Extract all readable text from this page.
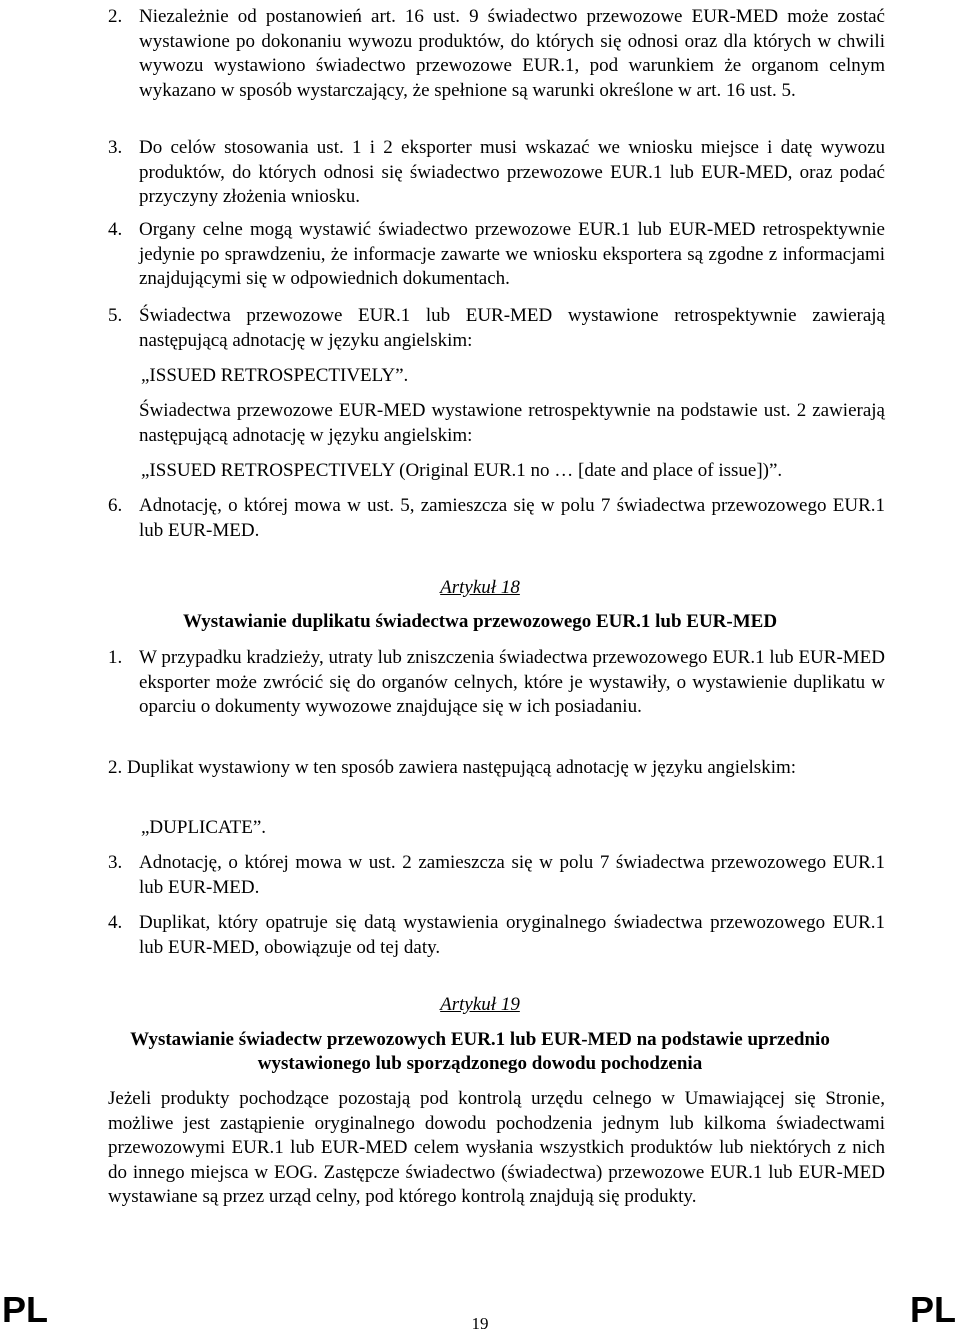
2. Niezależnie od postanowień art. 16 ust. 9 świadectwo przewozowe EUR-MED może zostać wystawione po dokonaniu wywozu produktów, do których się odnosi oraz dla których w chwili wywozu wystawiono świadectwo przewozowe EUR.1, pod warunkiem że organom celnym wykazano w sposób wystarczający, że spełnione są warunki określone w art. 16 ust. 5.
3. Do celów stosowania ust. 1 i 2 eksporter musi wskazać we wniosku miejsce i datę wywozu produktów, do których odnosi się świadectwo przewozowe EUR.1 lub EUR-MED, oraz podać przyczyny złożenia wniosku.
4. Organy celne mogą wystawić świadectwo przewozowe EUR.1 lub EUR-MED retrospektywnie jedynie po sprawdzeniu, że informacje zawarte we wniosku eksportera są zgodne z informacjami znajdującymi się w odpowiednich dokumentach.
5. Świadectwa przewozowe EUR.1 lub EUR-MED wystawione retrospektywnie zawierają następującą adnotację w języku angielskim:
„ISSUED RETROSPECTIVELY”.
Świadectwa przewozowe EUR-MED wystawione retrospektywnie na podstawie ust. 2 zawierają następującą adnotację w języku angielskim:
„ISSUED RETROSPECTIVELY (Original EUR.1 no … [date and place of issue])”.
6. Adnotację, o której mowa w ust. 5, zamieszcza się w polu 7 świadectwa przewozowego EUR.1 lub EUR-MED.
Artykuł 18
Wystawianie duplikatu świadectwa przewozowego EUR.1 lub EUR-MED
1. W przypadku kradzieży, utraty lub zniszczenia świadectwa przewozowego EUR.1 lub EUR-MED eksporter może zwrócić się do organów celnych, które je wystawiły, o wystawienie duplikatu w oparciu o dokumenty wywozowe znajdujące się w ich posiadaniu.
2. Duplikat wystawiony w ten sposób zawiera następującą adnotację w języku angielskim:
„DUPLICATE”.
3. Adnotację, o której mowa w ust. 2 zamieszcza się w polu 7 świadectwa przewozowego EUR.1 lub EUR-MED.
4. Duplikat, który opatruje się datą wystawienia oryginalnego świadectwa przewozowego EUR.1 lub EUR-MED, obowiązuje od tej daty.
Artykuł 19
Wystawianie świadectw przewozowych EUR.1 lub EUR-MED na podstawie uprzednio
wystawionego lub sporządzonego dowodu pochodzenia
Jeżeli produkty pochodzące pozostają pod kontrolą urzędu celnego w Umawiającej się Stronie, możliwe jest zastąpienie oryginalnego dowodu pochodzenia jednym lub kilkoma świadectwami przewozowymi EUR.1 lub EUR-MED celem wysłania wszystkich produktów lub niektórych z nich do innego miejsca w EOG. Zastępcze świadectwo (świadectwa) przewozowe EUR.1 lub EUR-MED wystawiane są przez urząd celny, pod którego kontrolą znajdują się produkty.
PL	19	PL
